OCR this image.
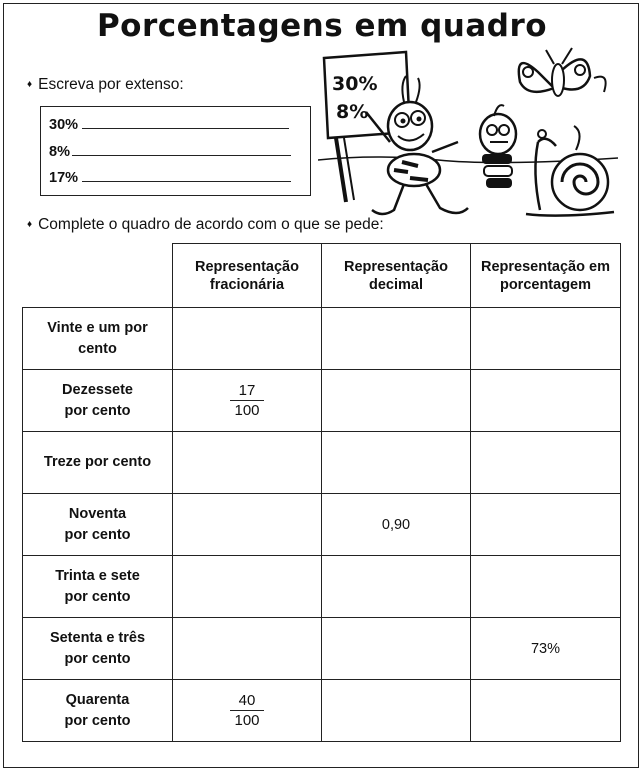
Porcentagens em quadro
♦ Escreva por extenso:
30%
8%
17%
30%
8%
♦ Complete o quadro de acordo com o que se pede:
	Representação fracionária	Representação decimal	Representação em porcentagem
Vinte e um por cento			
Dezessete por cento	$\frac{17}{100}$

Treze por cento			
Noventa por cento		0,90	
Trinta e sete por cento			
Setenta e três por cento			73%
Quarenta por cento	$\frac{40}{100}$
